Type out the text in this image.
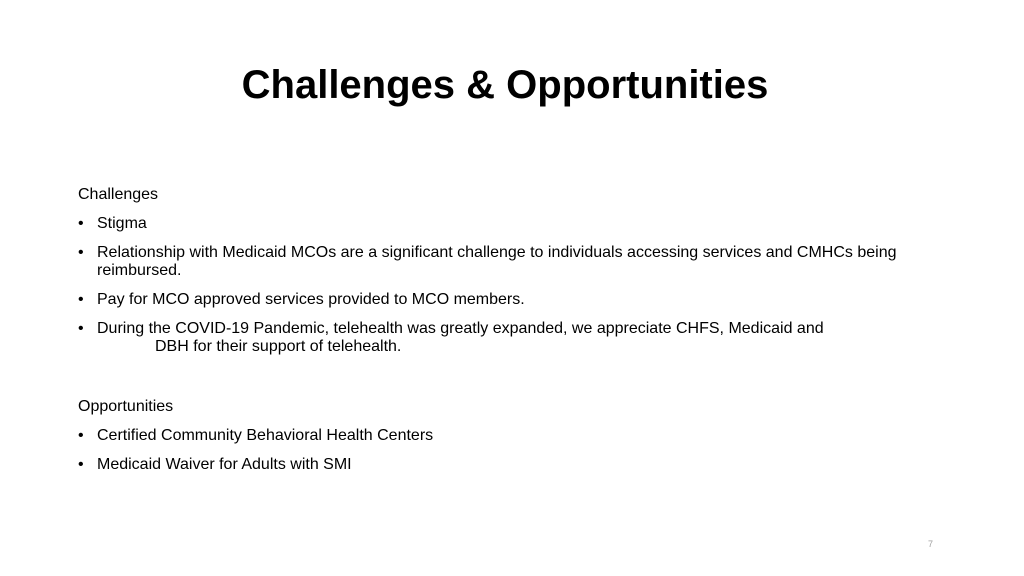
Challenges & Opportunities

Challenges

• Stigma
• Relationship with Medicaid MCOs are a significant challenge to individuals accessing services and CMHCs being reimbursed.
• Pay for MCO approved services provided to MCO members.
• During the COVID-19 Pandemic, telehealth was greatly expanded, we appreciate CHFS, Medicaid and
DBH for their support of telehealth.

Opportunities

• Certified Community Behavioral Health Centers
• Medicaid Waiver for Adults with SMI
7
